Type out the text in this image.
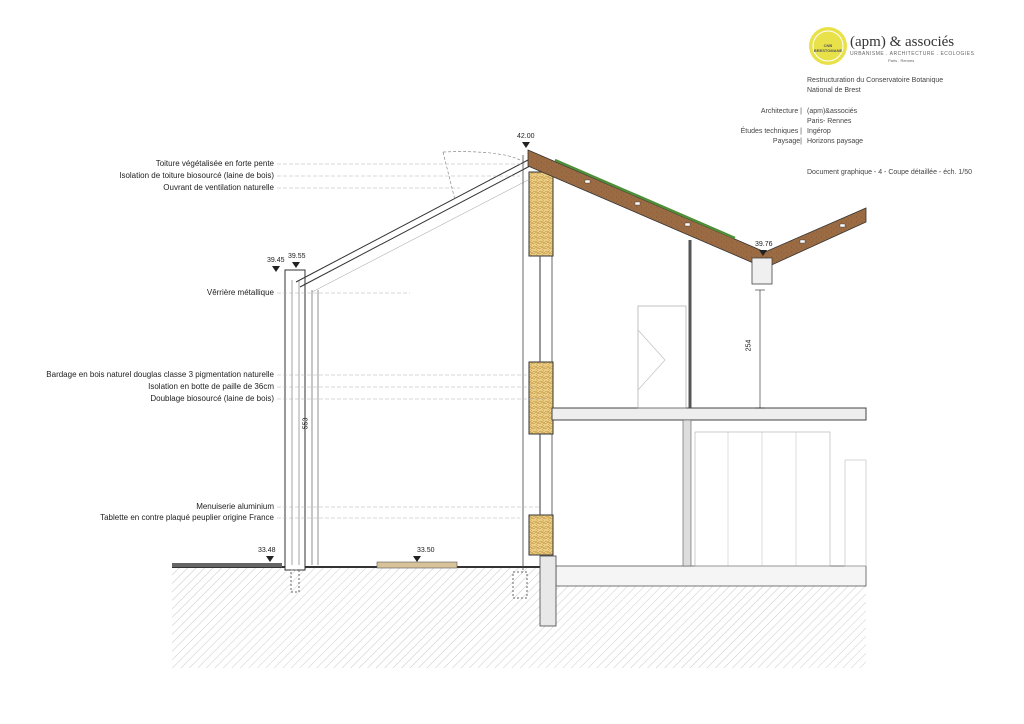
CNB BRESTOMANE
(apm) & associés
URBANISME . ARCHITECTURE . ECOLOGIES
Paris . Rennes
Restructuration du Conservatoire Botanique
National de Brest
Architecture | (apm)&associés
Paris- Rennes
Études techniques | Ingérop
Paysage| Horizons paysage
Document graphique - 4 - Coupe détaillée - éch. 1/50
Toiture végétalisée en forte pente
Isolation de toiture biosourcé (laine de bois)
Ouvrant de ventilation naturelle
Vêrrière métallique
Bardage en bois naturel douglas classe 3 pigmentation naturelle
Isolation en botte de paille de 36cm
Doublage biosourcé (laine de bois)
Menuiserie aluminium
Tablette en contre plaqué peuplier origine France
39.45
39.55
42.00
39.76
33.48	33.50
553
254
